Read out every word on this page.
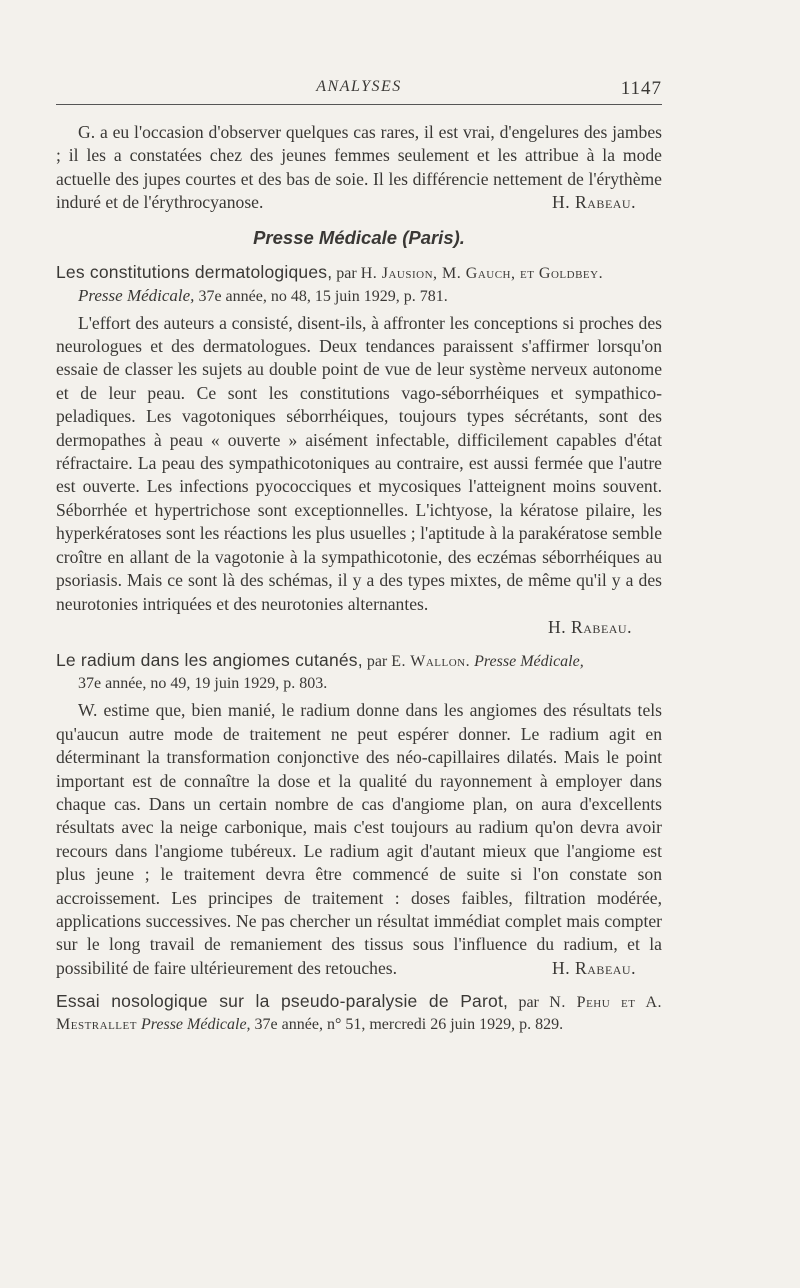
ANALYSES	1147

G. a eu l'occasion d'observer quelques cas rares, il est vrai, d'engelures des jambes ; il les a constatées chez des jeunes femmes seulement et les attribue à la mode actuelle des jupes courtes et des bas de soie. Il les différencie nettement de l'érythème induré et de l'érythrocyanose.	H. Rabeau.

Presse Médicale (Paris).
Les constitutions dermatologiques, par H. Jausion, M. Gauch, et Goldbey.
Presse Médicale, 37e année, no 48, 15 juin 1929, p. 781.

L'effort des auteurs a consisté, disent-ils, à affronter les conceptions si proches des neurologues et des dermatologues. Deux tendances paraissent s'affirmer lorsqu'on essaie de classer les sujets au double point de vue de leur système nerveux autonome et de leur peau. Ce sont les constitutions vago-séborrhéiques et sympathico-peladiques. Les vagotoniques séborrhéiques, toujours types sécrétants, sont des dermopathes à peau « ouverte » aisément infectable, difficilement capables d'état réfractaire. La peau des sympathicotoniques au contraire, est aussi fermée que l'autre est ouverte. Les infections pyococciques et mycosiques l'atteignent moins souvent. Séborrhée et hypertrichose sont exceptionnelles. L'ichtyose, la kératose pilaire, les hyperkératoses sont les réactions les plus usuelles ; l'aptitude à la parakératose semble croître en allant de la vagotonie à la sympathicotonie, des eczémas séborrhéiques au psoriasis. Mais ce sont là des schémas, il y a des types mixtes, de même qu'il y a des neurotonies intriquées et des neurotonies alternantes.

H. Rabeau.
Le radium dans les angiomes cutanés, par E. Wallon. Presse Médicale,
37e année, no 49, 19 juin 1929, p. 803.

W. estime que, bien manié, le radium donne dans les angiomes des résultats tels qu'aucun autre mode de traitement ne peut espérer donner. Le radium agit en déterminant la transformation conjonctive des néo-capillaires dilatés. Mais le point important est de connaître la dose et la qualité du rayonnement à employer dans chaque cas. Dans un certain nombre de cas d'angiome plan, on aura d'excellents résultats avec la neige carbonique, mais c'est toujours au radium qu'on devra avoir recours dans l'angiome tubéreux. Le radium agit d'autant mieux que l'angiome est plus jeune ; le traitement devra être commencé de suite si l'on constate son accroissement. Les principes de traitement : doses faibles, filtration modérée, applications successives. Ne pas chercher un résultat immédiat complet mais compter sur le long travail de remaniement des tissus sous l'influence du radium, et la possibilité de faire ultérieurement des retouches.	H. Rabeau.

Essai nosologique sur la pseudo-paralysie de Parot, par N. Pehu et A. Mestrallet Presse Médicale, 37e année, n° 51, mercredi 26 juin 1929, p. 829.
